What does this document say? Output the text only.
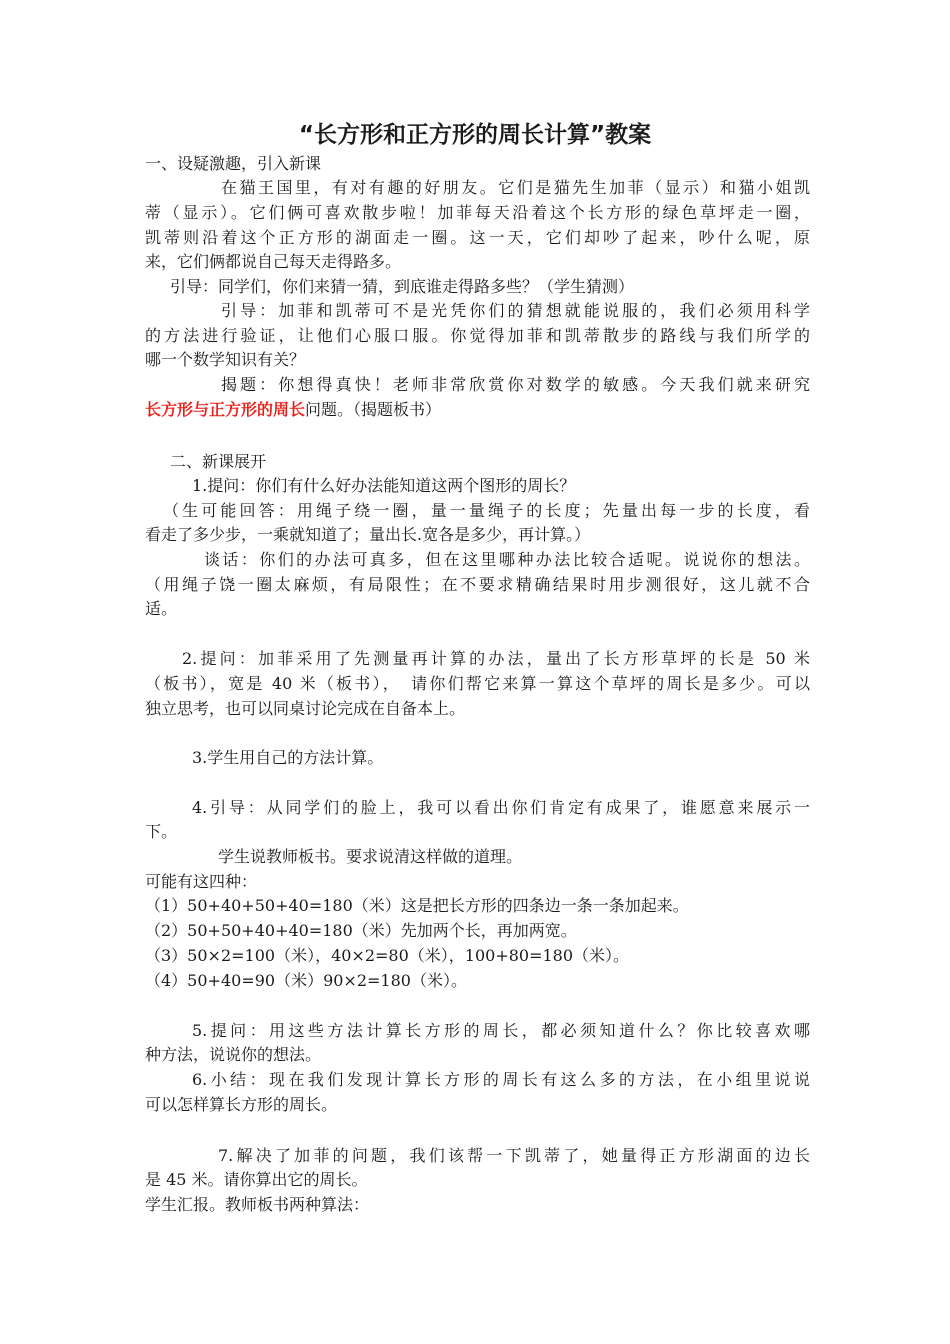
“长方形和正方形的周长计算”教案
一、设疑激趣，引入新课
在猫王国里，有对有趣的好朋友。它们是猫先生加菲（显示）和猫小姐凯
蒂（显示）。它们俩可喜欢散步啦！加菲每天沿着这个长方形的绿色草坪走一圈，
凯蒂则沿着这个正方形的湖面走一圈。这一天，它们却吵了起来，吵什么呢，原
来，它们俩都说自己每天走得路多。
引导：同学们，你们来猜一猜，到底谁走得路多些？（学生猜测）
引导：加菲和凯蒂可不是光凭你们的猜想就能说服的，我们必须用科学
的方法进行验证，让他们心服口服。你觉得加菲和凯蒂散步的路线与我们所学的
哪一个数学知识有关？
揭题：你想得真快！老师非常欣赏你对数学的敏感。今天我们就来研究
长方形与正方形的周长问题。（揭题板书）
二、新课展开
1.提问：你们有什么好办法能知道这两个图形的周长？
（生可能回答：用绳子绕一圈，量一量绳子的长度；先量出每一步的长度，看
看走了多少步，一乘就知道了；量出长.宽各是多少，再计算。）
谈话：你们的办法可真多，但在这里哪种办法比较合适呢。说说你的想法。
（用绳子饶一圈太麻烦，有局限性；在不要求精确结果时用步测很好，这儿就不合
适。
2.提问：加菲采用了先测量再计算的办法，量出了长方形草坪的长是 50 米
（板书），宽是 40 米（板书），　请你们帮它来算一算这个草坪的周长是多少。可以
独立思考，也可以同桌讨论完成在自备本上。
3.学生用自己的方法计算。
4.引导：从同学们的脸上，我可以看出你们肯定有成果了，谁愿意来展示一
下。
学生说教师板书。要求说清这样做的道理。
可能有这四种：
（1）50+40+50+40=180（米）这是把长方形的四条边一条一条加起来。
（2）50+50+40+40=180（米）先加两个长，再加两宽。
（3）50×2=100（米），40×2=80（米），100+80=180（米）。
（4）50+40=90（米）90×2=180（米）。
5.提问：用这些方法计算长方形的周长，都必须知道什么？你比较喜欢哪
种方法，说说你的想法。
6.小结：现在我们发现计算长方形的周长有这么多的方法，在小组里说说
可以怎样算长方形的周长。
7.解决了加菲的问题，我们该帮一下凯蒂了，她量得正方形湖面的边长
是 45 米。请你算出它的周长。
学生汇报。教师板书两种算法：
